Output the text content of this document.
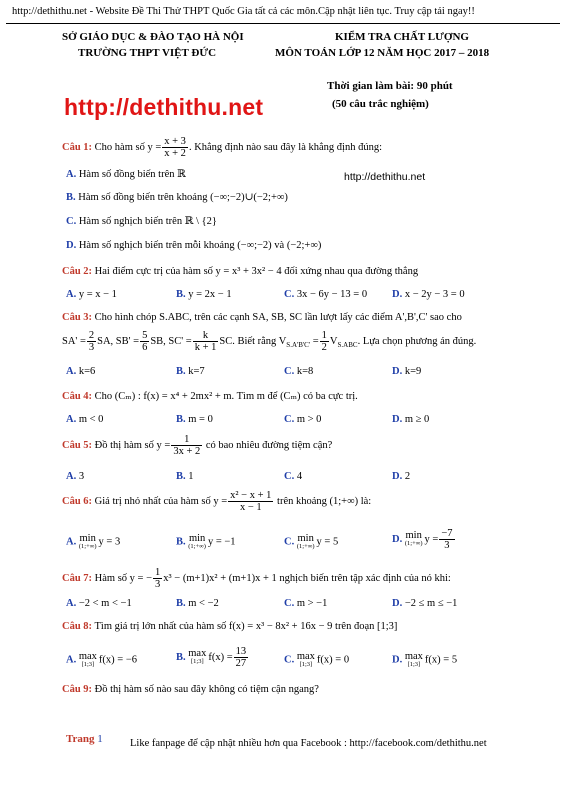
http://dethithu.net - Website Đề Thi Thử THPT Quốc Gia tất cả các môn.Cập nhật liên tục. Truy cập tải ngay!!
SỞ GIÁO DỤC & ĐÀO TẠO HÀ NỘI
TRƯỜNG THPT VIỆT ĐỨC
http://dethithu.net
KIỂM TRA CHẤT LƯỢNG
MÔN TOÁN LỚP 12 NĂM HỌC 2017 – 2018
Thời gian làm bài: 90 phút
(50 câu trắc nghiệm)
Câu 1: Cho hàm số $y = \frac{x + 3}{x + 2}$ . Khẳng định nào sau đây là khẳng định đúng:
A. Hàm số đồng biến trên ℝ	http://dethithu.net
B. Hàm số đồng biến trên khoảng (−∞;−2)∪(−2;+∞)
C. Hàm số nghịch biến trên ℝ \ {2}
D. Hàm số nghịch biến trên mỗi khoảng (−∞;−2) và (−2;+∞)
Câu 2: Hai điểm cực trị của hàm số y = x³ + 3x² − 4 đối xứng nhau qua đường thẳng
A. y = x − 1	B. y = 2x − 1	C. 3x − 6y − 13 = 0 D. x − 2y − 3 = 0
Câu 3: Cho hình chóp S.ABC, trên các cạnh SA, SB, SC lần lượt lấy các điểm A',B',C' sao cho
$SA' = \frac{2}{3}$ SA, $SB' = \frac{5}{6}$ SB, $SC' = \frac{k}{k + 1}$ SC. Biết rằng $V_{S.A'B'C'} = \frac{1}{2} V_{S.ABC}$. Lựa chọn phương án đúng.
A. k=6	B. k=7	C. k=8	D. k=9
Câu 4: Cho (Cₘ) : f(x) = x⁴ + 2mx² + m. Tìm m để (Cₘ) có ba cực trị.
A. m < 0	B. m = 0	C. m > 0	D. m ≥ 0
Câu 5: Đồ thị hàm số $y = \frac{1}{3x + 2}$ có bao nhiêu đường tiệm cận?
A. 3	B. 1	C. 4	D. 2
Câu 6: Giá trị nhỏ nhất của hàm số $y = \frac{\text{x² − x + 1}}{x - 1}$ trên khoảng (1;+∞) là:
A. min
(1;+∞) y = 3	B. min
(1;+∞) y = −1	C. min
(1;+∞) y = 5	D. min
(1;+∞) $y = \frac{-7}{3}$
Câu 7: Hàm số y = − $\frac{1}{3} x^3 - (m+1)x^2 + (m+1)x + 1$ nghịch biến trên tập xác định của nó khi:
A. −2 < m < −1	B. m < −2	C. m > −1	D. −2 ≤ m ≤ −1
Câu 8: Tìm giá trị lớn nhất của hàm số f(x) = x³ − 8x² + 16x − 9 trên đoạn [1;3]
A. max
[1;3] f(x) = −6	B. max
[1;3] $f(x) = \frac{13}{27}$	C. max
[1;3] f(x) = 0	D. max
[1;3] f(x) = 5
Câu 9: Đồ thị hàm số nào sau đây không có tiệm cận ngang?
Trang 1	Like fanpage để cập nhật nhiều hơn qua Facebook : http://facebook.com/dethithu.net
